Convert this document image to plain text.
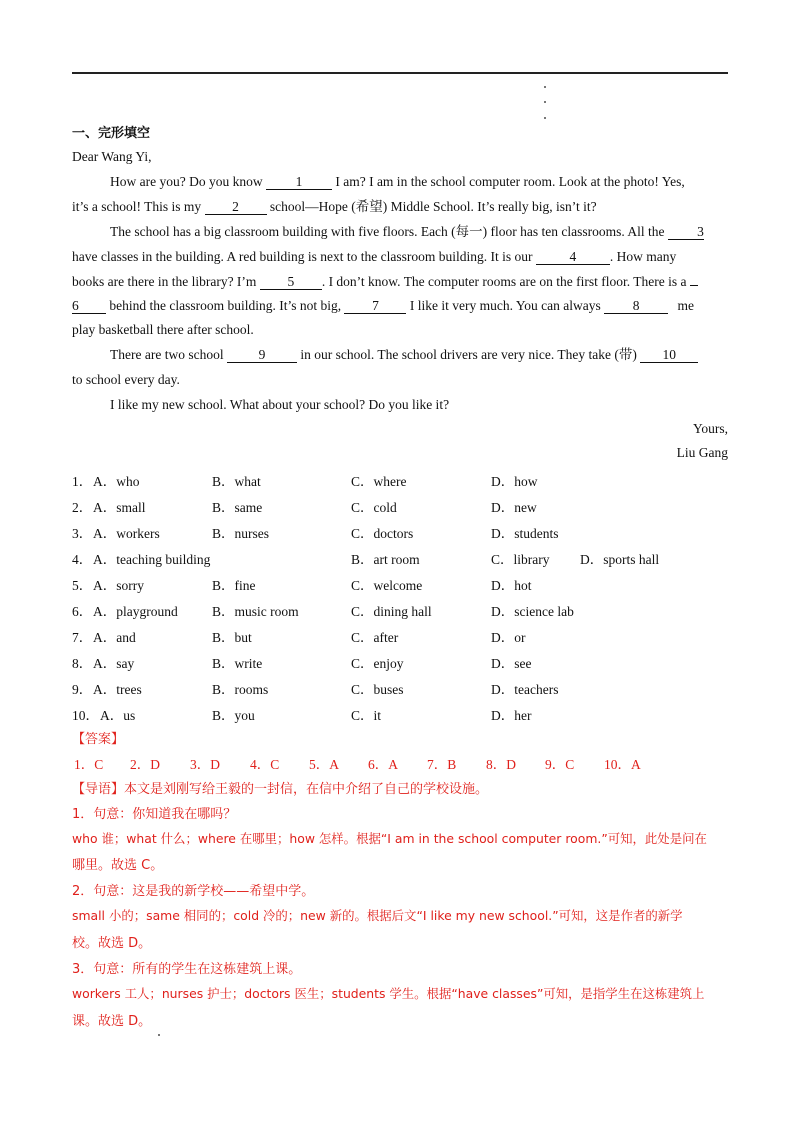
一、完形填空
Dear Wang Yi,
How are you? Do you know 1 I am? I am in the school computer room. Look at the photo! Yes,
it’s a school! This is my 2 school—Hope (希望) Middle School. It’s really big, isn’t it?
The school has a big classroom building with five floors. Each (每一) floor has ten classrooms. All the 3
have classes in the building. A red building is next to the classroom building. It is our	4 . How many
books are there in the library? I’m 5 . I don’t know. The computer rooms are on the first floor. There is a
6 behind the classroom building. It’s not big, 7 I like it very much. You can always 8	me
play basketball there after school.
There are two school	9	in our school. The school drivers are very nice. They take (带) 10
to school every day.
I like my new school. What about your school? Do you like it?
Yours,
Liu Gang
1． A．who	B．what	C．where	D．how
2． A．small	B．same	C．cold	D．new
3． A．workers	B．nurses	C．doctors	D．students
4． A．teaching building	B．art room	C．library D．sports hall
5． A．sorry	B．fine	C．welcome	D．hot
6． A．playground	B．music room	C．dining hall	D．science lab
7． A．and	B．but	C．after	D．or
8． A．say	B．write	C．enjoy	D．see
9． A．trees	B．rooms	C．buses	D．teachers
10． A．us	B．you	C．it	D．her
【答案】
1．C 2．D 3．D 4．C 5．A 6．A 7．B 8．D 9．C 10．A
【导语】本文是刘刚写给王毅的一封信，在信中介绍了自己的学校设施。
1．句意：你知道我在哪吗？
who 谁；what 什么；where 在哪里；how 怎样。根据“I am in the school computer room.”可知，此处是问在
哪里。故选 C。
2．句意：这是我的新学校——希望中学。
small 小的；same 相同的；cold 冷的；new 新的。根据后文“I like my new school.”可知，这是作者的新学
校。故选 D。
3．句意：所有的学生在这栋建筑上课。
workers 工人；nurses 护士；doctors 医生；students 学生。根据“have classes”可知，是指学生在这栋建筑上
课。故选 D。
